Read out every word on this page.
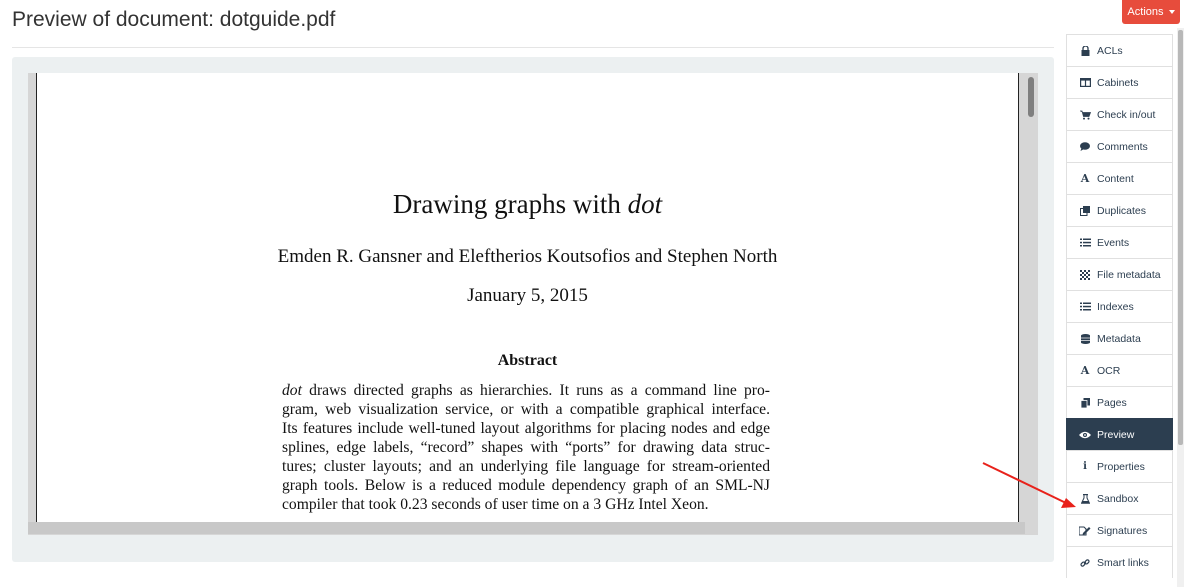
Preview of document: dotguide.pdf	Actions
Drawing graphs with dot
Emden R. Gansner and Eleftherios Koutsofios and Stephen North
January 5, 2015
Abstract
dot draws directed graphs as hierarchies. It runs as a command line pro-
gram, web visualization service, or with a compatible graphical interface.
Its features include well-tuned layout algorithms for placing nodes and edge
splines, edge labels, “record” shapes with “ports” for drawing data struc-
tures; cluster layouts; and an underlying file language for stream-oriented
graph tools. Below is a reduced module dependency graph of an SML-NJ
compiler that took 0.23 seconds of user time on a 3 GHz Intel Xeon.
ACLs
Cabinets
Check in/out
Comments
A Content
Duplicates
Events
File metadata
Indexes
Metadata
A OCR
Pages
Preview
i Properties
Sandbox
Signatures
Smart links
